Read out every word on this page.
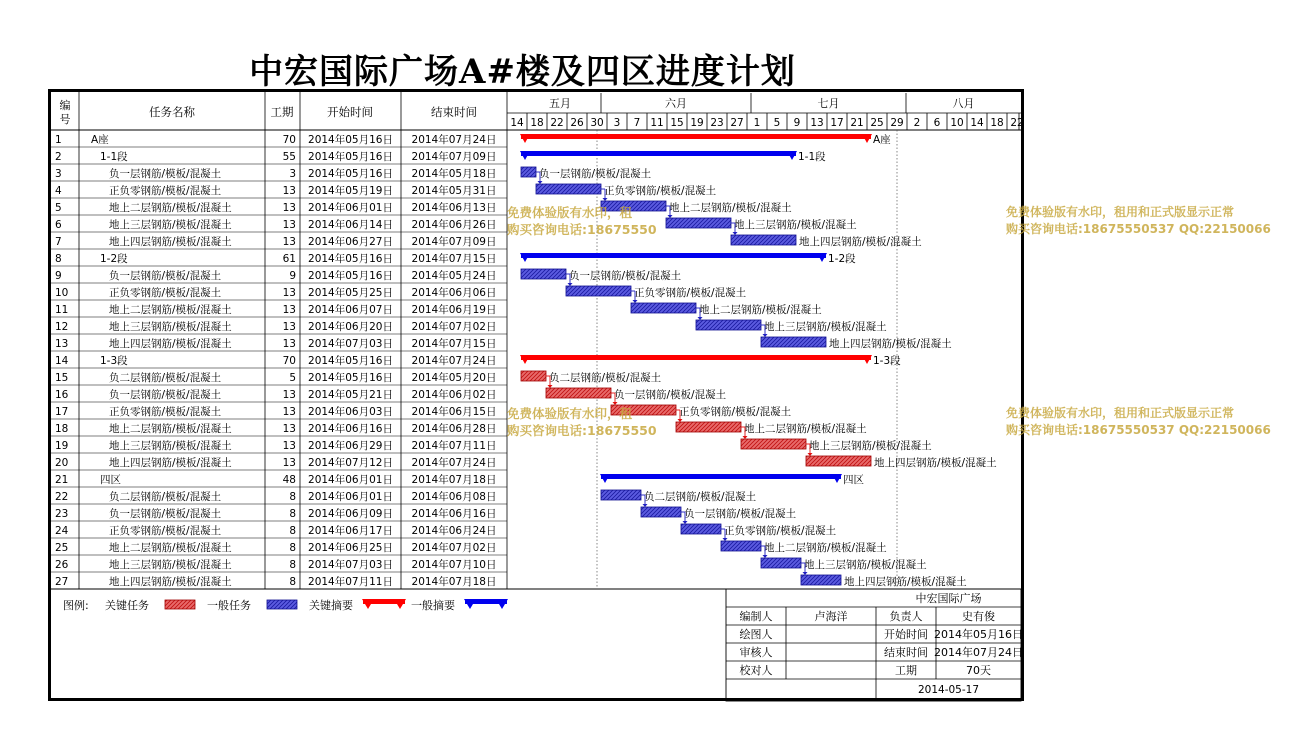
中宏国际广场A#楼及四区进度计划
编
号
任务名称	工期	开始时间	结束时间
五月	六月	七月	八月
14 18 22 26 30 3 7 11 15 19 23 27 1 5 9 13 17 21 25 29 2 6 10 14 18 22
1	A座	70 2014年05月16日 2014年07月24日
2	1-1段	55 2014年05月16日 2014年07月09日
3	负一层钢筋/模板/混凝土	3 2014年05月16日 2014年05月18日
4	正负零钢筋/模板/混凝土	13 2014年05月19日 2014年05月31日
5	地上二层钢筋/模板/混凝土	13 2014年06月01日 2014年06月13日
6	地上三层钢筋/模板/混凝土	13 2014年06月14日 2014年06月26日
7	地上四层钢筋/模板/混凝土	13 2014年06月27日 2014年07月09日
8	1-2段	61 2014年05月16日 2014年07月15日
9	负一层钢筋/模板/混凝土	9 2014年05月16日 2014年05月24日
10	正负零钢筋/模板/混凝土	13 2014年05月25日 2014年06月06日
11	地上二层钢筋/模板/混凝土	13 2014年06月07日 2014年06月19日
12	地上三层钢筋/模板/混凝土	13 2014年06月20日 2014年07月02日
13	地上四层钢筋/模板/混凝土	13 2014年07月03日 2014年07月15日
14	1-3段	70 2014年05月16日 2014年07月24日
15	负二层钢筋/模板/混凝土	5 2014年05月16日 2014年05月20日
16	负一层钢筋/模板/混凝土	13 2014年05月21日 2014年06月02日
17	正负零钢筋/模板/混凝土	13 2014年06月03日 2014年06月15日
18	地上二层钢筋/模板/混凝土	13 2014年06月16日 2014年06月28日
19	地上三层钢筋/模板/混凝土	13 2014年06月29日 2014年07月11日
20	地上四层钢筋/模板/混凝土	13 2014年07月12日 2014年07月24日
21	四区	48 2014年06月01日 2014年07月18日
22	负二层钢筋/模板/混凝土	8 2014年06月01日 2014年06月08日
23	负一层钢筋/模板/混凝土	8 2014年06月09日 2014年06月16日
24	正负零钢筋/模板/混凝土	8 2014年06月17日 2014年06月24日
25	地上二层钢筋/模板/混凝土	8 2014年06月25日 2014年07月02日
26	地上三层钢筋/模板/混凝土	8 2014年07月03日 2014年07月10日
27	地上四层钢筋/模板/混凝土	8 2014年07月11日 2014年07月18日
A座
1-1段
负一层钢筋/模板/混凝土
正负零钢筋/模板/混凝土
地上二层钢筋/模板/混凝土
地上三层钢筋/模板/混凝土
地上四层钢筋/模板/混凝土
1-2段
负一层钢筋/模板/混凝土
正负零钢筋/模板/混凝土
地上二层钢筋/模板/混凝土
地上三层钢筋/模板/混凝土
地上四层钢筋/模板/混凝土
1-3段
负二层钢筋/模板/混凝土
负一层钢筋/模板/混凝土
正负零钢筋/模板/混凝土
地上二层钢筋/模板/混凝土
地上三层钢筋/模板/混凝土
地上四层钢筋/模板/混凝土
四区
负二层钢筋/模板/混凝土
负一层钢筋/模板/混凝土
正负零钢筋/模板/混凝土
地上二层钢筋/模板/混凝土
地上三层钢筋/模板/混凝土
地上四层钢筋/模板/混凝土
图例: 关键任务	一般任务	关键摘要	一般摘要
中宏国际广场
编制人	卢海洋	负责人	史有俊
绘图人	开始时间 2014年05月16日
审核人	结束时间 2014年07月24日
校对人	工期	70天
2014-05-17
免费体验版有水印，租
购买咨询电话:18675550
免费体验版有水印，租用和正式版显示正常
购买咨询电话:18675550537 QQ:22150066
免费体验版有水印，租
购买咨询电话:18675550
免费体验版有水印，租用和正式版显示正常
购买咨询电话:18675550537 QQ:22150066
